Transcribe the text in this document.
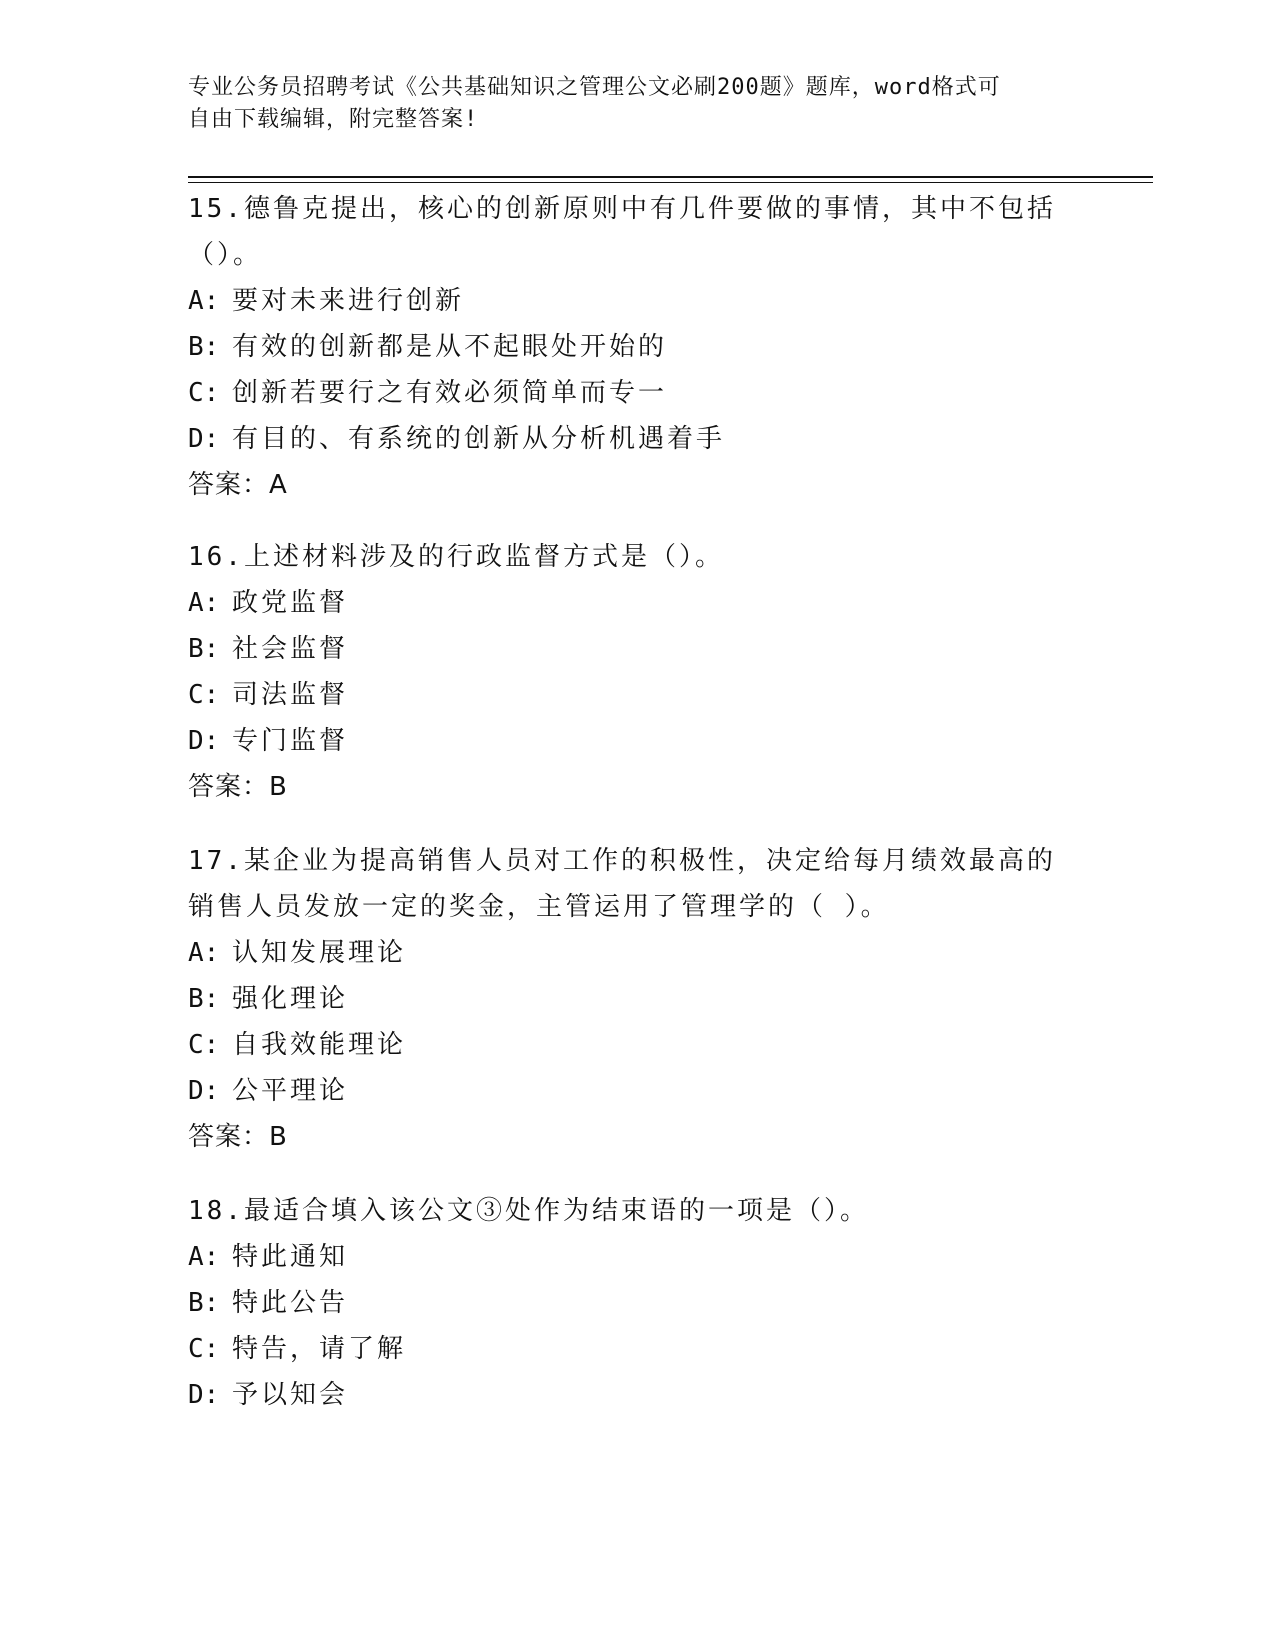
专业公务员招聘考试《公共基础知识之管理公文必刷200题》题库，word格式可
自由下载编辑，附完整答案!

15.德鲁克提出，核心的创新原则中有几件要做的事情，其中不包括（）。

A: 要对未来进行创新
B: 有效的创新都是从不起眼处开始的
C: 创新若要行之有效必须简单而专一
D: 有目的、有系统的创新从分析机遇着手
答案：A

16.上述材料涉及的行政监督方式是（）。

A: 政党监督
B: 社会监督
C: 司法监督
D: 专门监督
答案：B

17.某企业为提高销售人员对工作的积极性，决定给每月绩效最高的销售人员发放一定的奖金，主管运用了管理学的（ ）。

A: 认知发展理论
B: 强化理论
C: 自我效能理论
D: 公平理论
答案：B

18.最适合填入该公文③处作为结束语的一项是（）。

A: 特此通知
B: 特此公告
C: 特告，请了解
D: 予以知会
